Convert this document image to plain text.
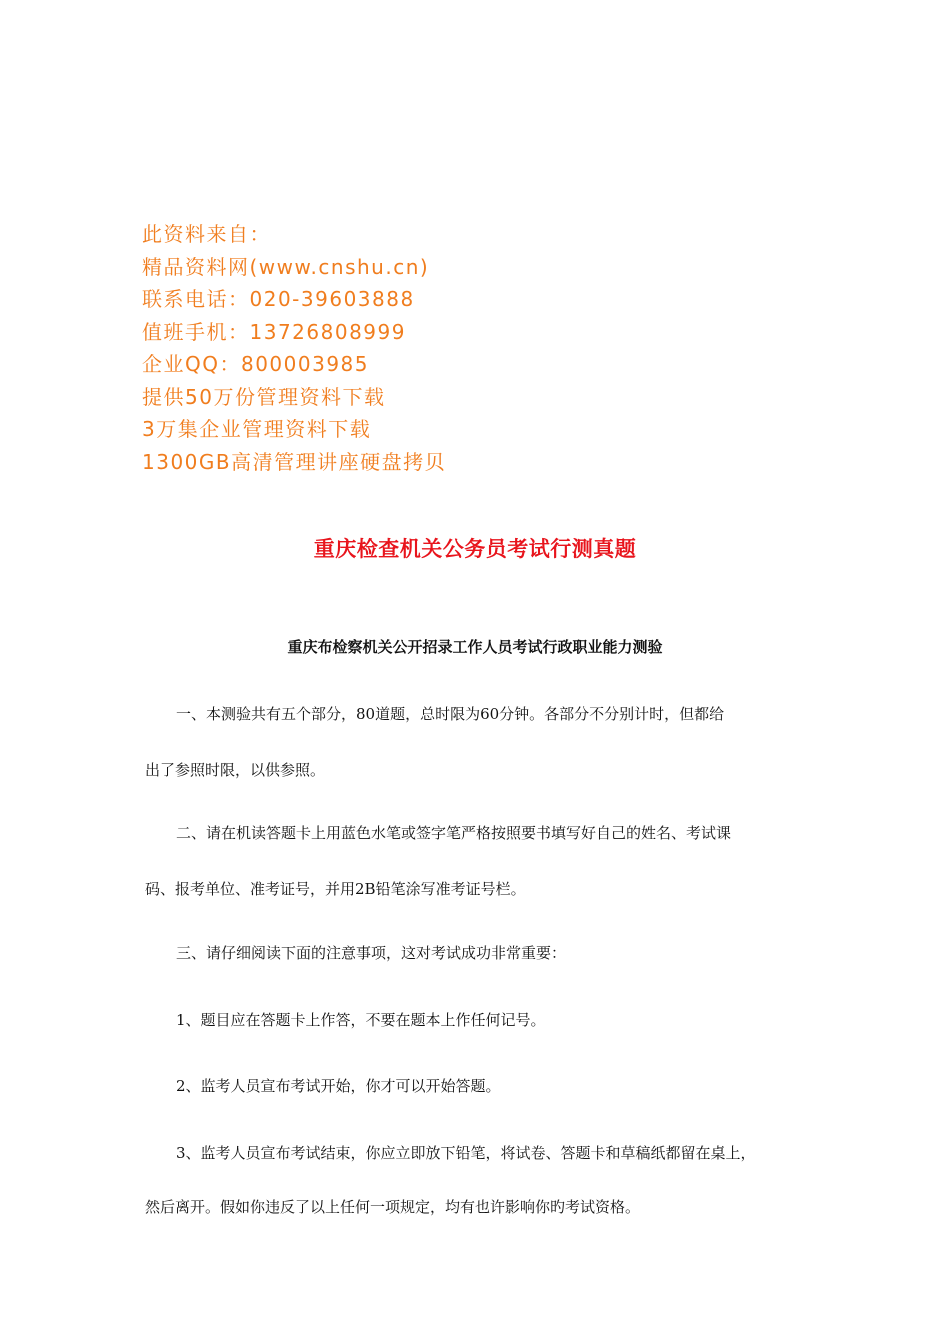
此资料来自：
精品资料网(www.cnshu.cn)
联系电话：020-39603888
值班手机：13726808999
企业QQ：800003985
提供50万份管理资料下载
3万集企业管理资料下载
1300GB高清管理讲座硬盘拷贝
重庆检查机关公务员考试行测真题
重庆布检察机关公开招录工作人员考试行政职业能力测验
一、本测验共有五个部分，80道题，总时限为60分钟。各部分不分别计时，但都给
出了参照时限，以供参照。
二、请在机读答题卡上用蓝色水笔或签字笔严格按照要书填写好自己的姓名、考试课
码、报考单位、准考证号，并用2B铅笔涂写准考证号栏。
三、请仔细阅读下面的注意事项，这对考试成功非常重要：
1、题目应在答题卡上作答，不要在题本上作任何记号。
2、监考人员宣布考试开始，你才可以开始答题。
3、监考人员宣布考试结束，你应立即放下铅笔，将试卷、答题卡和草稿纸都留在桌上，
然后离开。假如你违反了以上任何一项规定，均有也许影响你旳考试资格。
